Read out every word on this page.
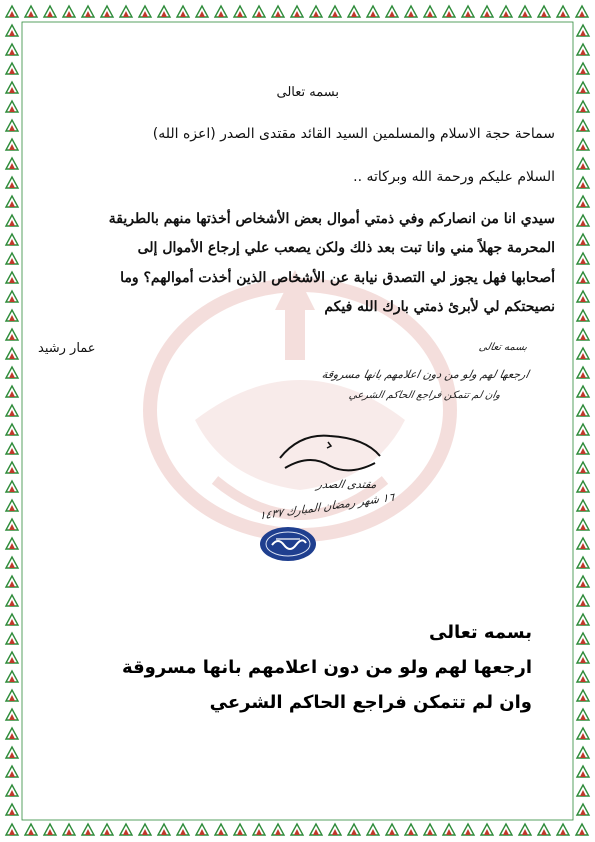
بسمه تعالى
سماحة حجة الاسلام والمسلمين السيد القائد مقتدى الصدر (اعزه الله)
السلام عليكم ورحمة الله وبركاته ..
سيدي انا من انصاركم وفي ذمتي أموال بعض الأشخاص أخذتها منهم بالطريقة
المحرمة جهلاً مني وانا تبت بعد ذلك ولكن يصعب علي إرجاع الأموال إلى
أصحابها فهل يجوز لي التصدق نيابة عن الأشخاص الذين أخذت أموالهم؟ وما
نصيحتكم لي لأبرئ ذمتي بارك الله فيكم
عمار رشيد	بسمه تعالى
ارجعها لهم ولو من دون اعلامهم بانها مسروقة
وان لم تتمكن فراجع الحاكم الشرعي
مقتدى الصدر
١٦ شهر رمضان المبارك ١٤٣٧
بسمه تعالى
ارجعها لهم ولو من دون اعلامهم بانها مسروقة
وان لم تتمكن فراجع الحاكم الشرعي
